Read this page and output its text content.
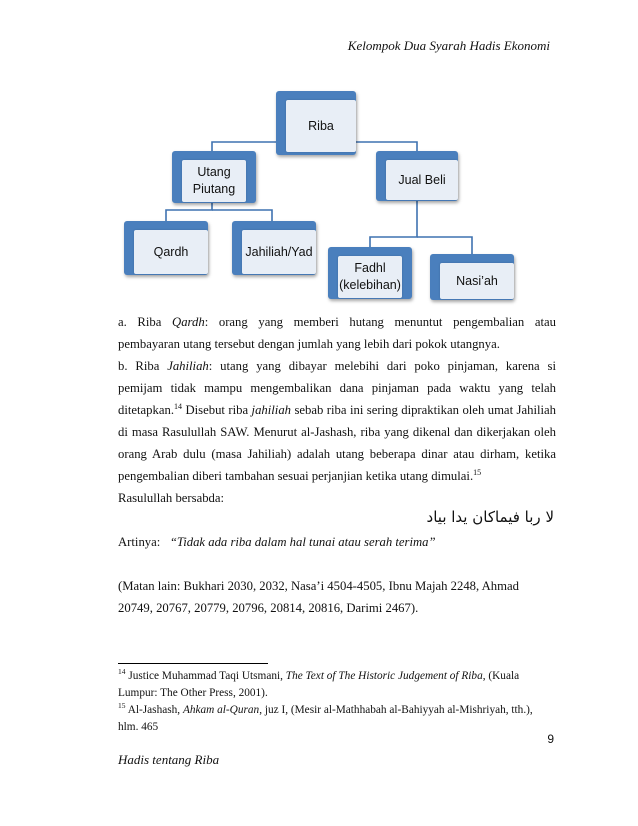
Kelompok Dua Syarah Hadis Ekonomi
Riba
Utang Piutang
Jual Beli
Qardh	Jahiliah/Yad
Fadhl (kelebihan)	Nasi’ah
a. Riba Qardh: orang yang memberi hutang menuntut pengembalian atau
pembayaran utang tersebut dengan jumlah yang lebih dari pokok utangnya.
b. Riba Jahiliah: utang yang dibayar melebihi dari poko pinjaman, karena si
pemijam tidak mampu mengembalikan dana pinjaman pada waktu yang telah
ditetapkan.$^{14}$ Disebut riba jahiliah sebab riba ini sering dipraktikan oleh umat Jahiliah
di masa Rasulullah SAW. Menurut al-Jashash, riba yang dikenal dan dikerjakan oleh
orang Arab dulu (masa Jahiliah) adalah utang beberapa dinar atau dirham, ketika
pengembalian diberi tambahan sesuai perjanjian ketika utang dimulai.$^{15}$
Rasulullah bersabda:
لا ربا فيماكان يدا بياد
Artinya: “Tidak ada riba dalam hal tunai atau serah terima”
(Matan lain: Bukhari 2030, 2032, Nasa’i 4504-4505, Ibnu Majah 2248, Ahmad
20749, 20767, 20779, 20796, 20814, 20816, Darimi 2467).
$^{14}$ Justice Muhammad Taqi Utsmani, The Text of The Historic Judgement of Riba, (Kuala
Lumpur: The Other Press, 2001).
$^{15}$ Al-Jashash, Ahkam al-Quran, juz I, (Mesir al-Mathhabah al-Bahiyyah al-Mishriyah, tth.),
hlm. 465
9
Hadis tentang Riba
